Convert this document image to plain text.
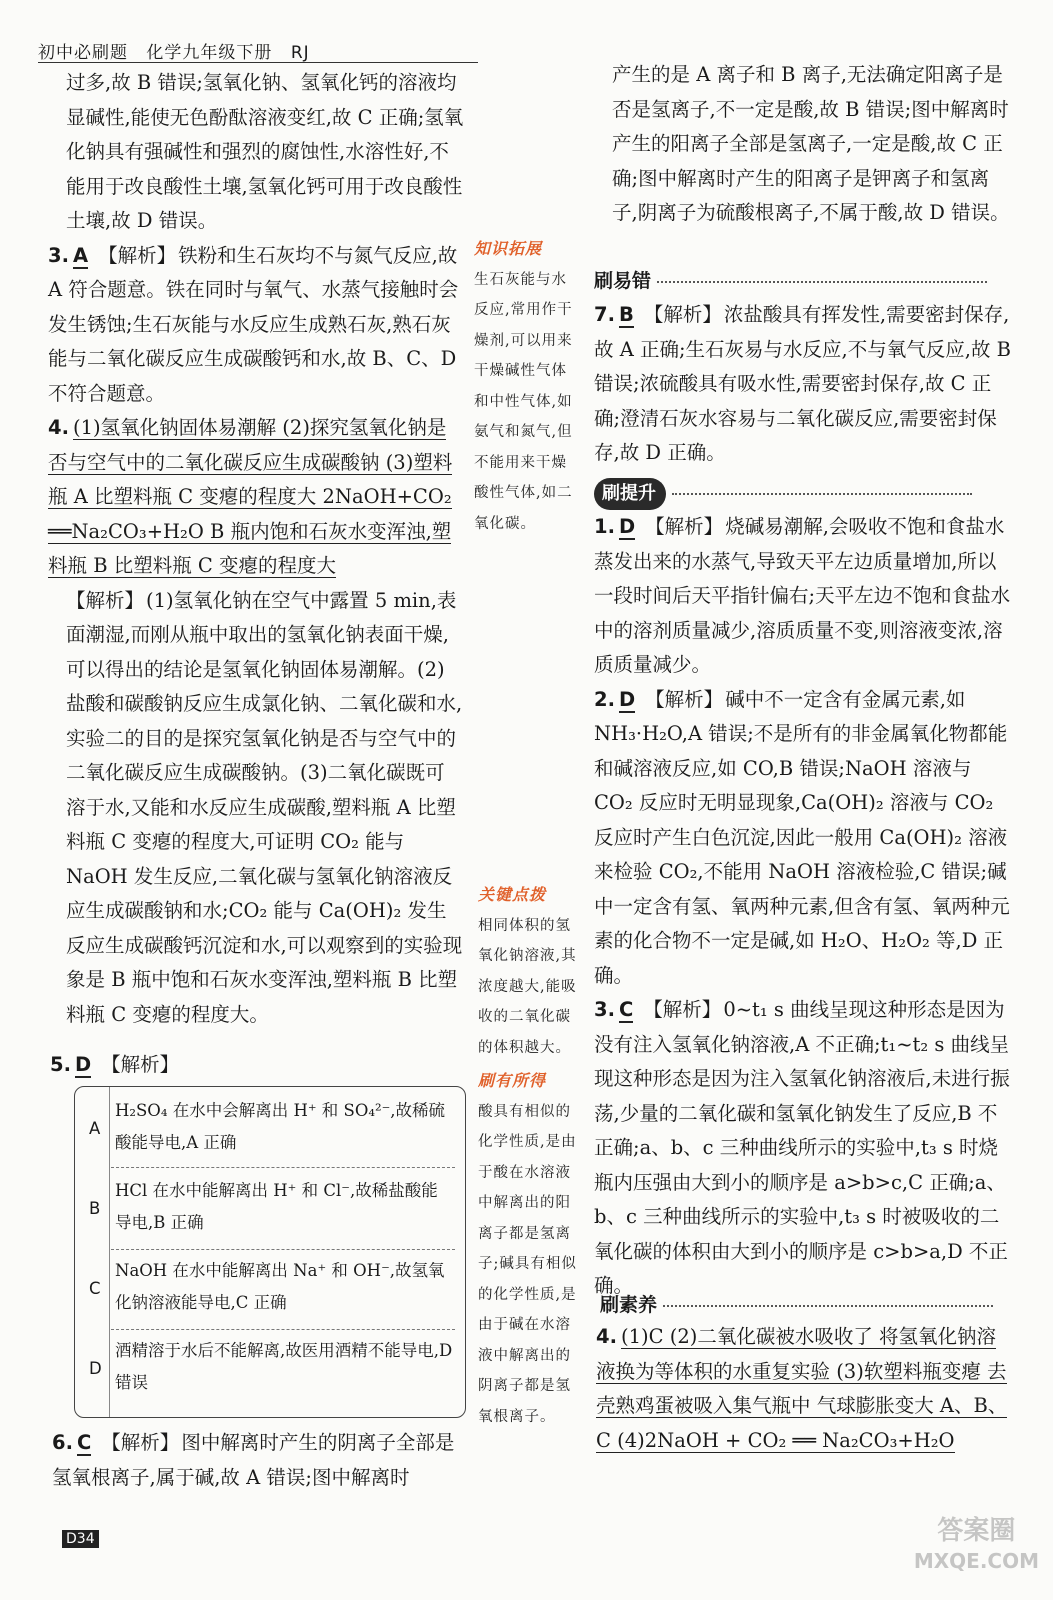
初中必刷题 化学九年级下册 RJ

过多,故 B 错误;氢氧化钠、氢氧化钙的溶液均显碱性,能使无色酚酞溶液变红,故 C 正确;氢氧化钠具有强碱性和强烈的腐蚀性,水溶性好,不能用于改良酸性土壤,氢氧化钙可用于改良酸性土壤,故 D 错误。

3. A 【解析】 铁粉和生石灰均不与氮气反应,故 A 符合题意。铁在同时与氧气、水蒸气接触时会发生锈蚀;生石灰能与水反应生成熟石灰,熟石灰能与二氧化碳反应生成碳酸钙和水,故 B、C、D 不符合题意。

4. (1)氢氧化钠固体易潮解 (2)探究氢氧化钠是否与空气中的二氧化碳反应生成碳酸钠 (3)塑料瓶 A 比塑料瓶 C 变瘪的程度大 2NaOH+CO₂ ══Na₂CO₃+H₂O B 瓶内饱和石灰水变浑浊,塑料瓶 B 比塑料瓶 C 变瘪的程度大

【解析】 (1)氢氧化钠在空气中露置 5 min,表面潮湿,而刚从瓶中取出的氢氧化钠表面干燥,可以得出的结论是氢氧化钠固体易潮解。(2)盐酸和碳酸钠反应生成氯化钠、二氧化碳和水,实验二的目的是探究氢氧化钠是否与空气中的二氧化碳反应生成碳酸钠。(3)二氧化碳既可溶于水,又能和水反应生成碳酸,塑料瓶 A 比塑料瓶 C 变瘪的程度大,可证明 CO₂ 能与 NaOH 发生反应,二氧化碳与氢氧化钠溶液反应生成碳酸钠和水;CO₂ 能与 Ca(OH)₂ 发生反应生成碳酸钙沉淀和水,可以观察到的实验现象是 B 瓶中饱和石灰水变浑浊,塑料瓶 B 比塑料瓶 C 变瘪的程度大。

5. D 【解析】
A
H₂SO₄ 在水中会解离出 H⁺ 和 SO₄²⁻,故稀硫酸能导电,A 正确
B
HCl 在水中能解离出 H⁺ 和 Cl⁻,故稀盐酸能导电,B 正确
C
NaOH 在水中能解离出 Na⁺ 和 OH⁻,故氢氧化钠溶液能导电,C 正确
D
酒精溶于水后不能解离,故医用酒精不能导电,D 错误
6. C 【解析】 图中解离时产生的阴离子全部是氢氧根离子,属于碱,故 A 错误;图中解离时
知识拓展
生石灰能与水反应,常用作干燥剂,可以用来干燥碱性气体和中性气体,如氨气和氮气,但不能用来干燥酸性气体,如二氧化碳。
关键点拨
相同体积的氢氧化钠溶液,其浓度越大,能吸收的二氧化碳的体积越大。
刷有所得
酸具有相似的化学性质,是由于酸在水溶液中解离出的阳离子都是氢离子;碱具有相似的化学性质,是由于碱在水溶液中解离出的阴离子都是氢氧根离子。

产生的是 A 离子和 B 离子,无法确定阳离子是否是氢离子,不一定是酸,故 B 错误;图中解离时产生的阳离子全部是氢离子,一定是酸,故 C 正确;图中解离时产生的阳离子是钾离子和氢离子,阴离子为硫酸根离子,不属于酸,故 D 错误。

刷易错
7. B 【解析】 浓盐酸具有挥发性,需要密封保存,故 A 正确;生石灰易与水反应,不与氧气反应,故 B 错误;浓硫酸具有吸水性,需要密封保存,故 C 正确;澄清石灰水容易与二氧化碳反应,需要密封保存,故 D 正确。
刷提升

1. D 【解析】 烧碱易潮解,会吸收不饱和食盐水蒸发出来的水蒸气,导致天平左边质量增加,所以一段时间后天平指针偏右;天平左边不饱和食盐水中的溶剂质量减少,溶质质量不变,则溶液变浓,溶质质量减少。

2. D 【解析】 碱中不一定含有金属元素,如 NH₃·H₂O,A 错误;不是所有的非金属氧化物都能和碱溶液反应,如 CO,B 错误;NaOH 溶液与 CO₂ 反应时无明显现象,Ca(OH)₂ 溶液与 CO₂ 反应时产生白色沉淀,因此一般用 Ca(OH)₂ 溶液来检验 CO₂,不能用 NaOH 溶液检验,C 错误;碱中一定含有氢、氧两种元素,但含有氢、氧两种元素的化合物不一定是碱,如 H₂O、H₂O₂ 等,D 正确。

3. C 【解析】 0~t₁ s 曲线呈现这种形态是因为没有注入氢氧化钠溶液,A 不正确;t₁~t₂ s 曲线呈现这种形态是因为注入氢氧化钠溶液后,未进行振荡,少量的二氧化碳和氢氧化钠发生了反应,B 不正确;a、b、c 三种曲线所示的实验中,t₃ s 时烧瓶内压强由大到小的顺序是 a>b>c,C 正确;a、b、c 三种曲线所示的实验中,t₃ s 时被吸收的二氧化碳的体积由大到小的顺序是 c>b>a,D 不正确。

刷素养
4. (1)C (2)二氧化碳被水吸收了 将氢氧化钠溶液换为等体积的水重复实验 (3)软塑料瓶变瘪 去壳熟鸡蛋被吸入集气瓶中 气球膨胀变大 A、B、C (4)2NaOH + CO₂ ══ Na₂CO₃+H₂O
D34	答案圈
MXQE.COM
